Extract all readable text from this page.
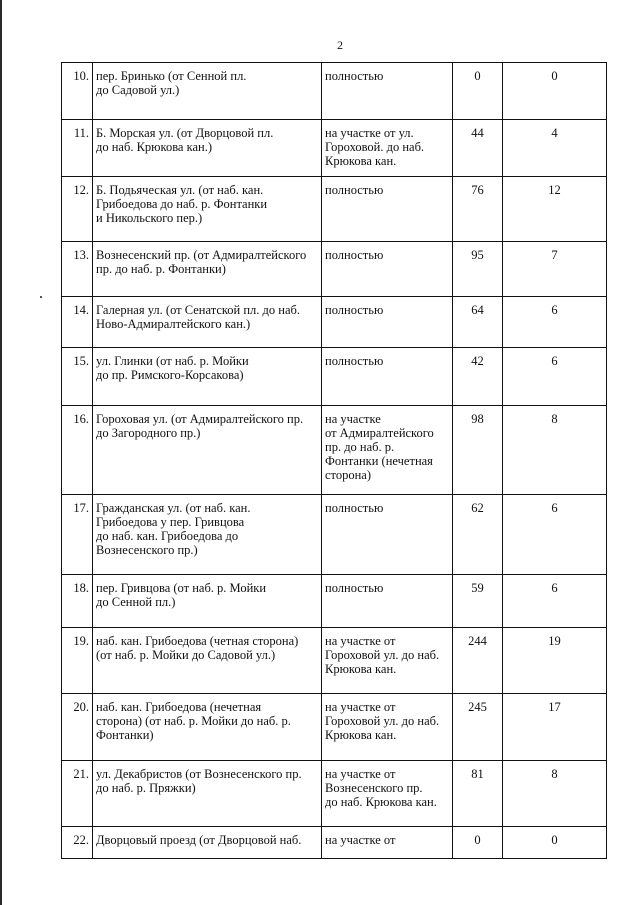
2
10.	пер. Бринько (от Сенной пл.
до Садовой ул.)	полностью	0	0
11.	Б. Морская ул. (от Дворцовой пл.
до наб. Крюкова кан.)	на участке от ул.
Гороховой. до наб.
Крюкова кан.	44	4
12.	Б. Подьяческая ул. (от наб. кан.
Грибоедова до наб. р. Фонтанки
и Никольского пер.)	полностью	76	12
13.	Вознесенский пр. (от Адмиралтейского
пр. до наб. р. Фонтанки)	полностью	95	7
14.	Галерная ул. (от Сенатской пл. до наб.
Ново-Адмиралтейского кан.)	полностью	64	6
15.	ул. Глинки (от наб. р. Мойки
до пр. Римского-Корсакова)	полностью	42	6
16.	Гороховая ул. (от Адмиралтейского пр.
до Загородного пр.)	на участке
от Адмиралтейского
пр. до наб. р.
Фонтанки (нечетная
сторона)	98	8
17.	Гражданская ул. (от наб. кан.
Грибоедова у пер. Гривцова
до наб. кан. Грибоедова до
Вознесенского пр.)	полностью	62	6
18.	пер. Гривцова (от наб. р. Мойки
до Сенной пл.)	полностью	59	6
19.	наб. кан. Грибоедова (четная сторона)
(от наб. р. Мойки до Садовой ул.)	на участке от
Гороховой ул. до наб.
Крюкова кан.	244	19
20.	наб. кан. Грибоедова (нечетная
сторона) (от наб. р. Мойки до наб. р.
Фонтанки)	на участке от
Гороховой ул. до наб.
Крюкова кан.	245	17
21.	ул. Декабристов (от Вознесенского пр.
до наб. р. Пряжки)	на участке от
Вознесенского пр.
до наб. Крюкова кан.	81	8
22.	Дворцовый проезд (от Дворцовой наб.	на участке от	0	0
